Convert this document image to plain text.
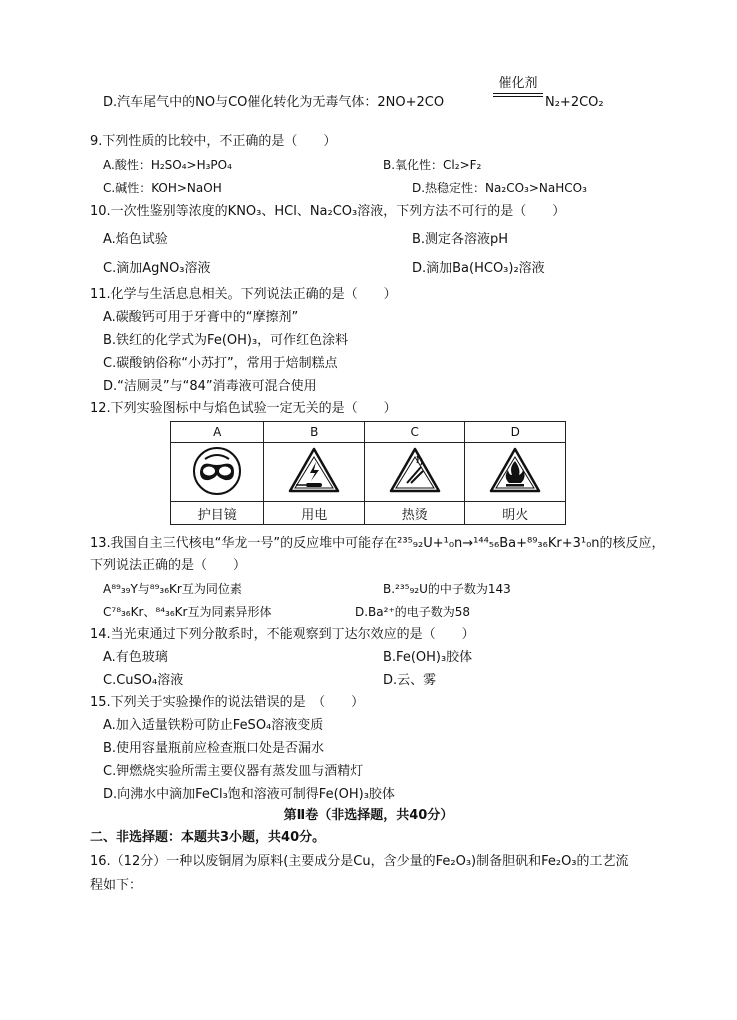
D.汽车尾气中的NO与CO催化转化为无毒气体：2NO+2CO
催化剂
N₂+2CO₂
9.下列性质的比较中，不正确的是（　　）
A.酸性：H₂SO₄>H₃PO₄	B.氧化性：Cl₂>F₂
C.碱性：KOH>NaOH	D.热稳定性：Na₂CO₃>NaHCO₃
10.一次性鉴别等浓度的KNO₃、HCl、Na₂CO₃溶液，下列方法不可行的是（　　）
A.焰色试验	B.测定各溶液pH
C.滴加AgNO₃溶液	D.滴加Ba(HCO₃)₂溶液
11.化学与生活息息相关。下列说法正确的是（　　）
A.碳酸钙可用于牙膏中的“摩擦剂”
B.铁红的化学式为Fe(OH)₃，可作红色涂料
C.碳酸钠俗称“小苏打”，常用于焙制糕点
D.“洁厕灵”与“84”消毒液可混合使用
12.下列实验图标中与焰色试验一定无关的是（　　）
A	B	C	D

护目镜	用电	热烫	明火
13.我国自主三代核电“华龙一号”的反应堆中可能存在²³⁵₉₂U+¹₀n→¹⁴⁴₅₆Ba+⁸⁹₃₆Kr+3¹₀n的核反应，
下列说法正确的是（　　）
A⁸⁹₃₉Y与⁸⁹₃₆Kr互为同位素	B.²³⁵₉₂U的中子数为143
C⁷⁸₃₆Kr、⁸⁴₃₆Kr互为同素异形体	D.Ba²⁺的电子数为58
14.当光束通过下列分散系时，不能观察到丁达尔效应的是（　　）
A.有色玻璃	B.Fe(OH)₃胶体
C.CuSO₄溶液	D.云、雾
15.下列关于实验操作的说法错误的是　（　　）
A.加入适量铁粉可防止FeSO₄溶液变质
B.使用容量瓶前应检查瓶口处是否漏水
C.钾燃烧实验所需主要仪器有蒸发皿与酒精灯
D.向沸水中滴加FeCl₃饱和溶液可制得Fe(OH)₃胶体
第Ⅱ卷（非选择题，共40分）
二、非选择题：本题共3小题，共40分。
16.（12分）一种以废铜屑为原料(主要成分是Cu，含少量的Fe₂O₃)制备胆矾和Fe₂O₃的工艺流
程如下：
